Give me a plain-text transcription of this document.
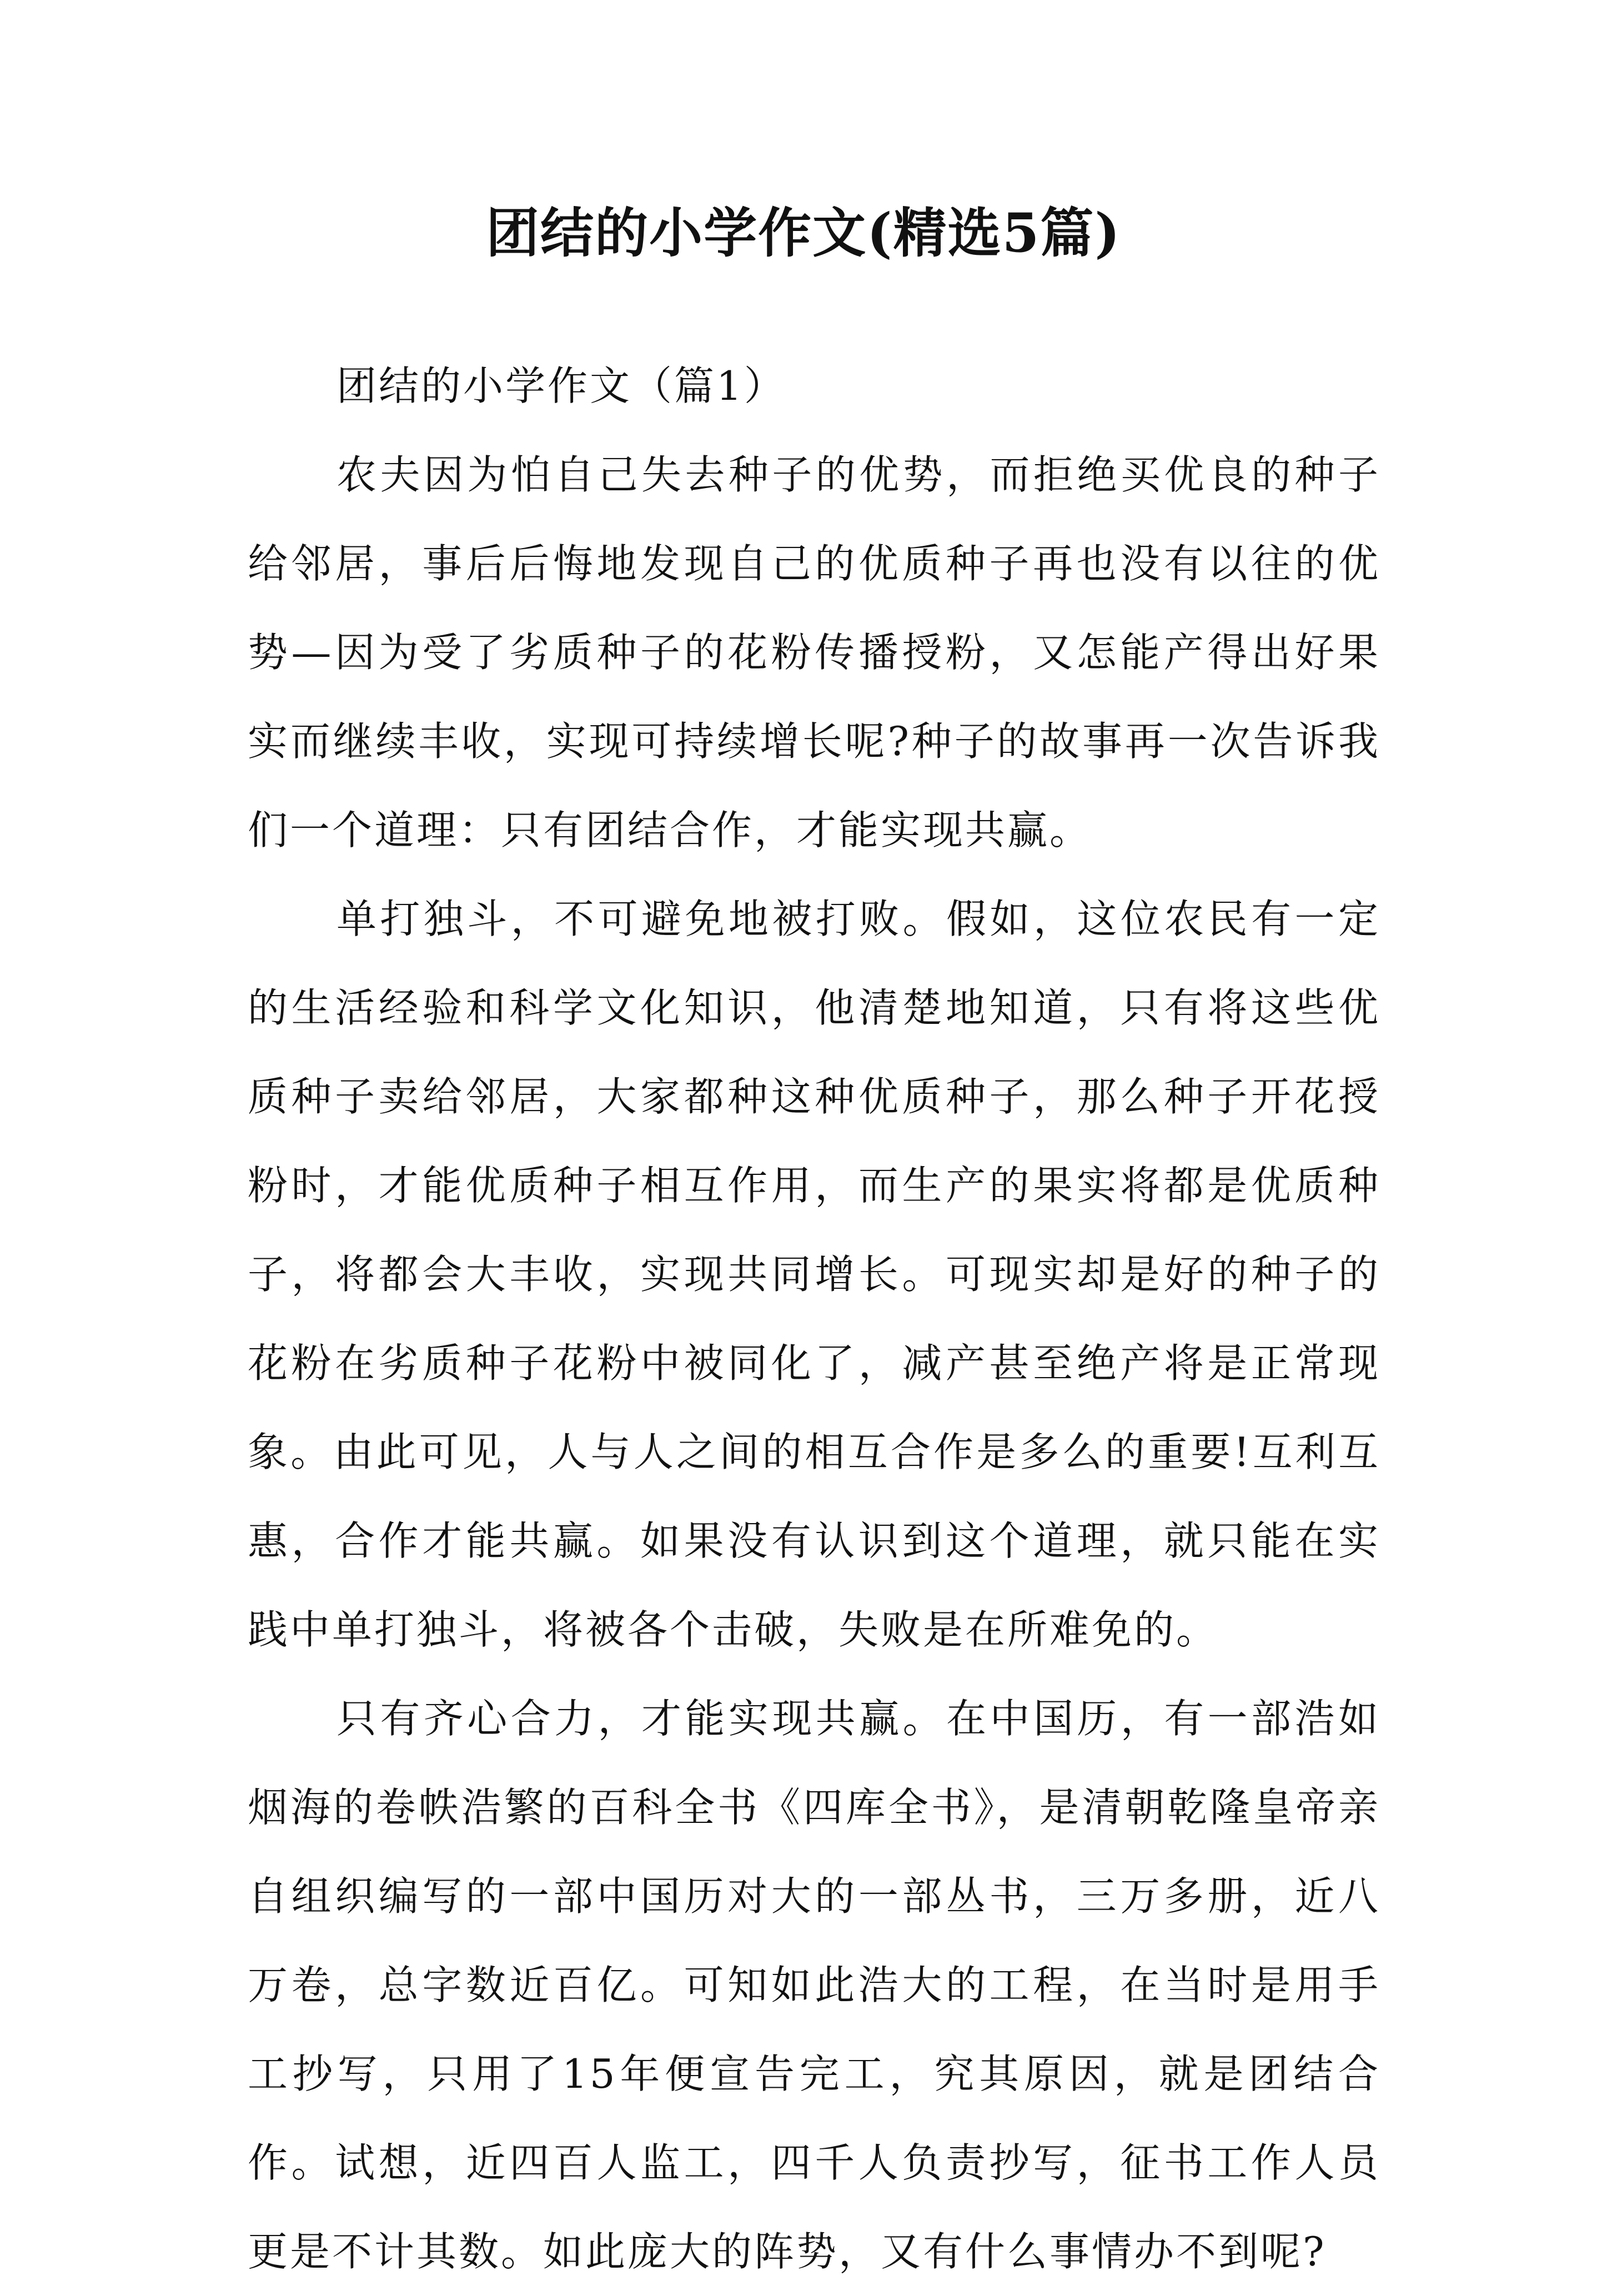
团结的小学作文(精选5篇)
团结的小学作文（篇1）

农夫因为怕自己失去种子的优势，而拒绝买优良的种子给邻居，事后后悔地发现自己的优质种子再也没有以往的优势—因为受了劣质种子的花粉传播授粉，又怎能产得出好果实而继续丰收，实现可持续增长呢?种子的故事再一次告诉我们一个道理：只有团结合作，才能实现共赢。

单打独斗，不可避免地被打败。假如，这位农民有一定的生活经验和科学文化知识，他清楚地知道，只有将这些优质种子卖给邻居，大家都种这种优质种子，那么种子开花授粉时，才能优质种子相互作用，而生产的果实将都是优质种子，将都会大丰收，实现共同增长。可现实却是好的种子的花粉在劣质种子花粉中被同化了，减产甚至绝产将是正常现象。由此可见，人与人之间的相互合作是多么的重要!互利互惠，合作才能共赢。如果没有认识到这个道理，就只能在实践中单打独斗，将被各个击破，失败是在所难免的。

只有齐心合力，才能实现共赢。在中国历，有一部浩如烟海的卷帙浩繁的百科全书《四库全书》，是清朝乾隆皇帝亲自组织编写的一部中国历对大的一部丛书，三万多册，近八万卷，总字数近百亿。可知如此浩大的工程，在当时是用手工抄写，只用了15年便宣告完工，究其原因，就是团结合作。试想，近四百人监工，四千人负责抄写，征书工作人员更是不计其数。如此庞大的阵势，又有什么事情办不到呢?
